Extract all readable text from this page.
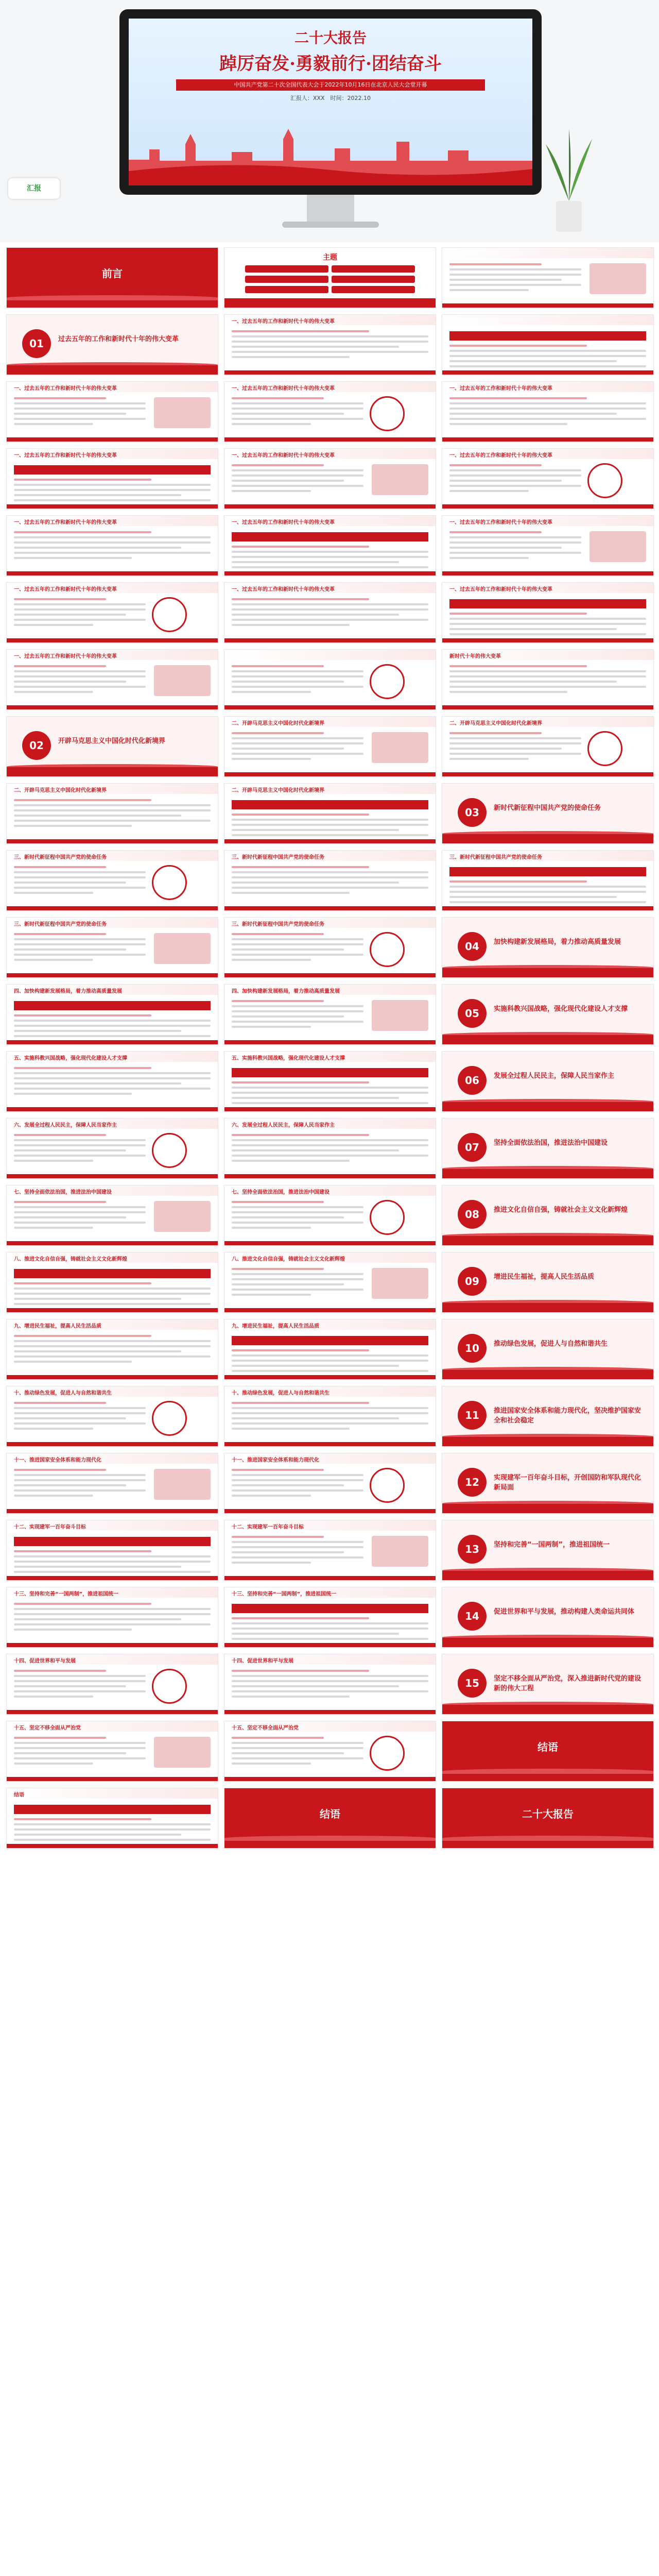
二十大报告
踔厉奋发·勇毅前行·团结奋斗
中国共产党第二十次全国代表大会于2022年10月16日在北京人民大会堂开幕
汇报人：XXX　时间：2022.10
汇报
前言
主题
01	过去五年的工作和新时代十年的伟大变革
一、过去五年的工作和新时代十年的伟大变革
一、过去五年的工作和新时代十年的伟大变革	一、过去五年的工作和新时代十年的伟大变革	一、过去五年的工作和新时代十年的伟大变革
一、过去五年的工作和新时代十年的伟大变革	一、过去五年的工作和新时代十年的伟大变革	一、过去五年的工作和新时代十年的伟大变革
一、过去五年的工作和新时代十年的伟大变革	一、过去五年的工作和新时代十年的伟大变革	一、过去五年的工作和新时代十年的伟大变革
一、过去五年的工作和新时代十年的伟大变革	一、过去五年的工作和新时代十年的伟大变革	一、过去五年的工作和新时代十年的伟大变革
一、过去五年的工作和新时代十年的伟大变革	新时代十年的伟大变革
02	开辟马克思主义中国化时代化新境界
二、开辟马克思主义中国化时代化新境界	二、开辟马克思主义中国化时代化新境界
二、开辟马克思主义中国化时代化新境界	二、开辟马克思主义中国化时代化新境界
03	新时代新征程中国共产党的使命任务
三、新时代新征程中国共产党的使命任务	三、新时代新征程中国共产党的使命任务	三、新时代新征程中国共产党的使命任务
三、新时代新征程中国共产党的使命任务	三、新时代新征程中国共产党的使命任务
04	加快构建新发展格局，着力推动高质量发展
四、加快构建新发展格局，着力推动高质量发展	四、加快构建新发展格局，着力推动高质量发展
05	实施科教兴国战略，强化现代化建设人才支撑
五、实施科教兴国战略，强化现代化建设人才支撑	五、实施科教兴国战略，强化现代化建设人才支撑
06	发展全过程人民民主，保障人民当家作主
六、发展全过程人民民主，保障人民当家作主	六、发展全过程人民民主，保障人民当家作主
07	坚持全面依法治国，推进法治中国建设
七、坚持全面依法治国，推进法治中国建设	七、坚持全面依法治国，推进法治中国建设
08	推进文化自信自强，铸就社会主义文化新辉煌
八、推进文化自信自强，铸就社会主义文化新辉煌	八、推进文化自信自强，铸就社会主义文化新辉煌
09	增进民生福祉，提高人民生活品质
九、增进民生福祉，提高人民生活品质	九、增进民生福祉，提高人民生活品质
10	推动绿色发展，促进人与自然和谐共生
十、推动绿色发展，促进人与自然和谐共生	十、推动绿色发展，促进人与自然和谐共生
11	推进国家安全体系和能力现代化，坚决维护国家安全和社会稳定
十一、推进国家安全体系和能力现代化	十一、推进国家安全体系和能力现代化
12	实现建军一百年奋斗目标，开创国防和军队现代化新局面
十二、实现建军一百年奋斗目标	十二、实现建军一百年奋斗目标
13	坚持和完善“一国两制”，推进祖国统一
十三、坚持和完善“一国两制”，推进祖国统一	十三、坚持和完善“一国两制”，推进祖国统一
14	促进世界和平与发展，推动构建人类命运共同体
十四、促进世界和平与发展	十四、促进世界和平与发展
15	坚定不移全面从严治党，深入推进新时代党的建设新的伟大工程
十五、坚定不移全面从严治党	十五、坚定不移全面从严治党
结语
结语
结语	二十大报告
